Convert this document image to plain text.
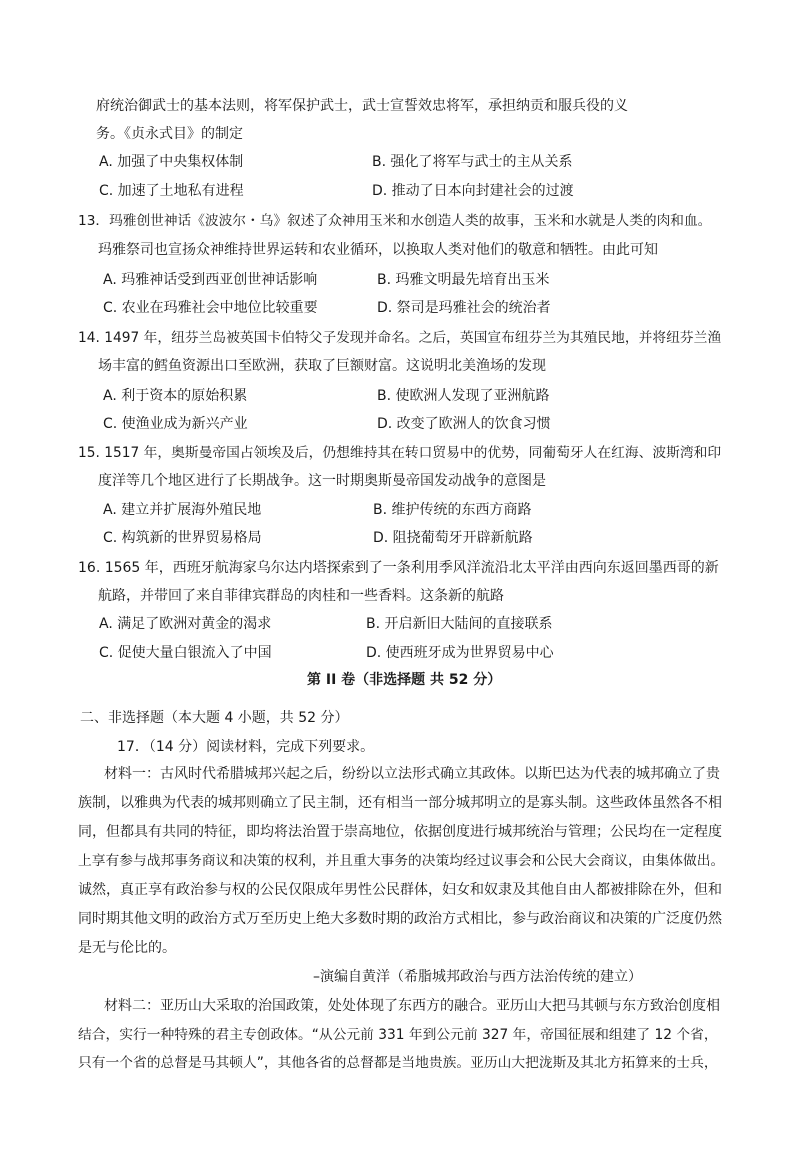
府统治御武士的基本法则，将军保护武士，武士宣誓效忠将军，承担纳贡和服兵役的义
务。《贞永式目》的制定
A. 加强了中央集权体制	B. 强化了将军与武士的主从关系
C. 加速了土地私有进程	D. 推动了日本向封建社会的过渡
13．玛雅创世神话《波波尔・乌》叙述了众神用玉米和水创造人类的故事，玉米和水就是人类的肉和血。
玛雅祭司也宣扬众神维持世界运转和农业循环，以换取人类对他们的敬意和牺牲。由此可知
A. 玛雅神话受到西亚创世神话影响	B. 玛雅文明最先培育出玉米
C. 农业在玛雅社会中地位比较重要	D. 祭司是玛雅社会的统治者
14. 1497 年，纽芬兰岛被英国卡伯特父子发现并命名。之后，英国宣布纽芬兰为其殖民地，并将纽芬兰渔
场丰富的鳕鱼资源出口至欧洲，获取了巨额财富。这说明北美渔场的发现
A. 利于资本的原始积累	B. 使欧洲人发现了亚洲航路
C. 使渔业成为新兴产业	D. 改变了欧洲人的饮食习惯
15. 1517 年，奥斯曼帝国占领埃及后，仍想维持其在转口贸易中的优势，同葡萄牙人在红海、波斯湾和印
度洋等几个地区进行了长期战争。这一时期奥斯曼帝国发动战争的意图是
A. 建立并扩展海外殖民地	B. 维护传统的东西方商路
C. 构筑新的世界贸易格局	D. 阻挠葡萄牙开辟新航路
16. 1565 年，西班牙航海家乌尔达内塔探索到了一条利用季风洋流沿北太平洋由西向东返回墨西哥的新
航路，并带回了来自菲律宾群岛的肉桂和一些香料。这条新的航路
A. 满足了欧洲对黄金的渴求	B. 开启新旧大陆间的直接联系
C. 促使大量白银流入了中国	D. 使西班牙成为世界贸易中心
第 II 卷（非选择题 共 52 分）
二、非选择题（本大题 4 小题，共 52 分）
17．（14 分）阅读材料，完成下列要求。
材料一：古风时代希腊城邦兴起之后，纷纷以立法形式确立其政体。以斯巴达为代表的城邦确立了贵
族制，以雅典为代表的城邦则确立了民主制，还有相当一部分城邦明立的是寡头制。这些政体虽然各不相
同，但都具有共同的特征，即均将法治置于崇高地位，依据创度进行城邦统治与管理；公民均在一定程度
上享有参与战邦事务商议和决策的权利，并且重大事务的决策均经过议事会和公民大会商议，由集体做出。
诚然，真正享有政治参与权的公民仅限成年男性公民群体，妇女和奴隶及其他自由人都被排除在外，但和
同时期其他文明的政治方式万至历史上绝大多数时期的政治方式相比，参与政治商议和决策的广泛度仍然
是无与伦比的。
–演编自黄洋（希脂城邦政治与西方法治传统的建立）
材料二：亚历山大采取的治国政策，处处体现了东西方的融合。亚历山大把马其顿与东方致治创度相
结合，实行一种特殊的君主专创政体。“从公元前 331 年到公元前 327 年，帝国征展和组建了 12 个省，
只有一个省的总督是马其顿人”，其他各省的总督都是当地贵族。亚历山大把泷斯及其北方拓算来的士兵，
